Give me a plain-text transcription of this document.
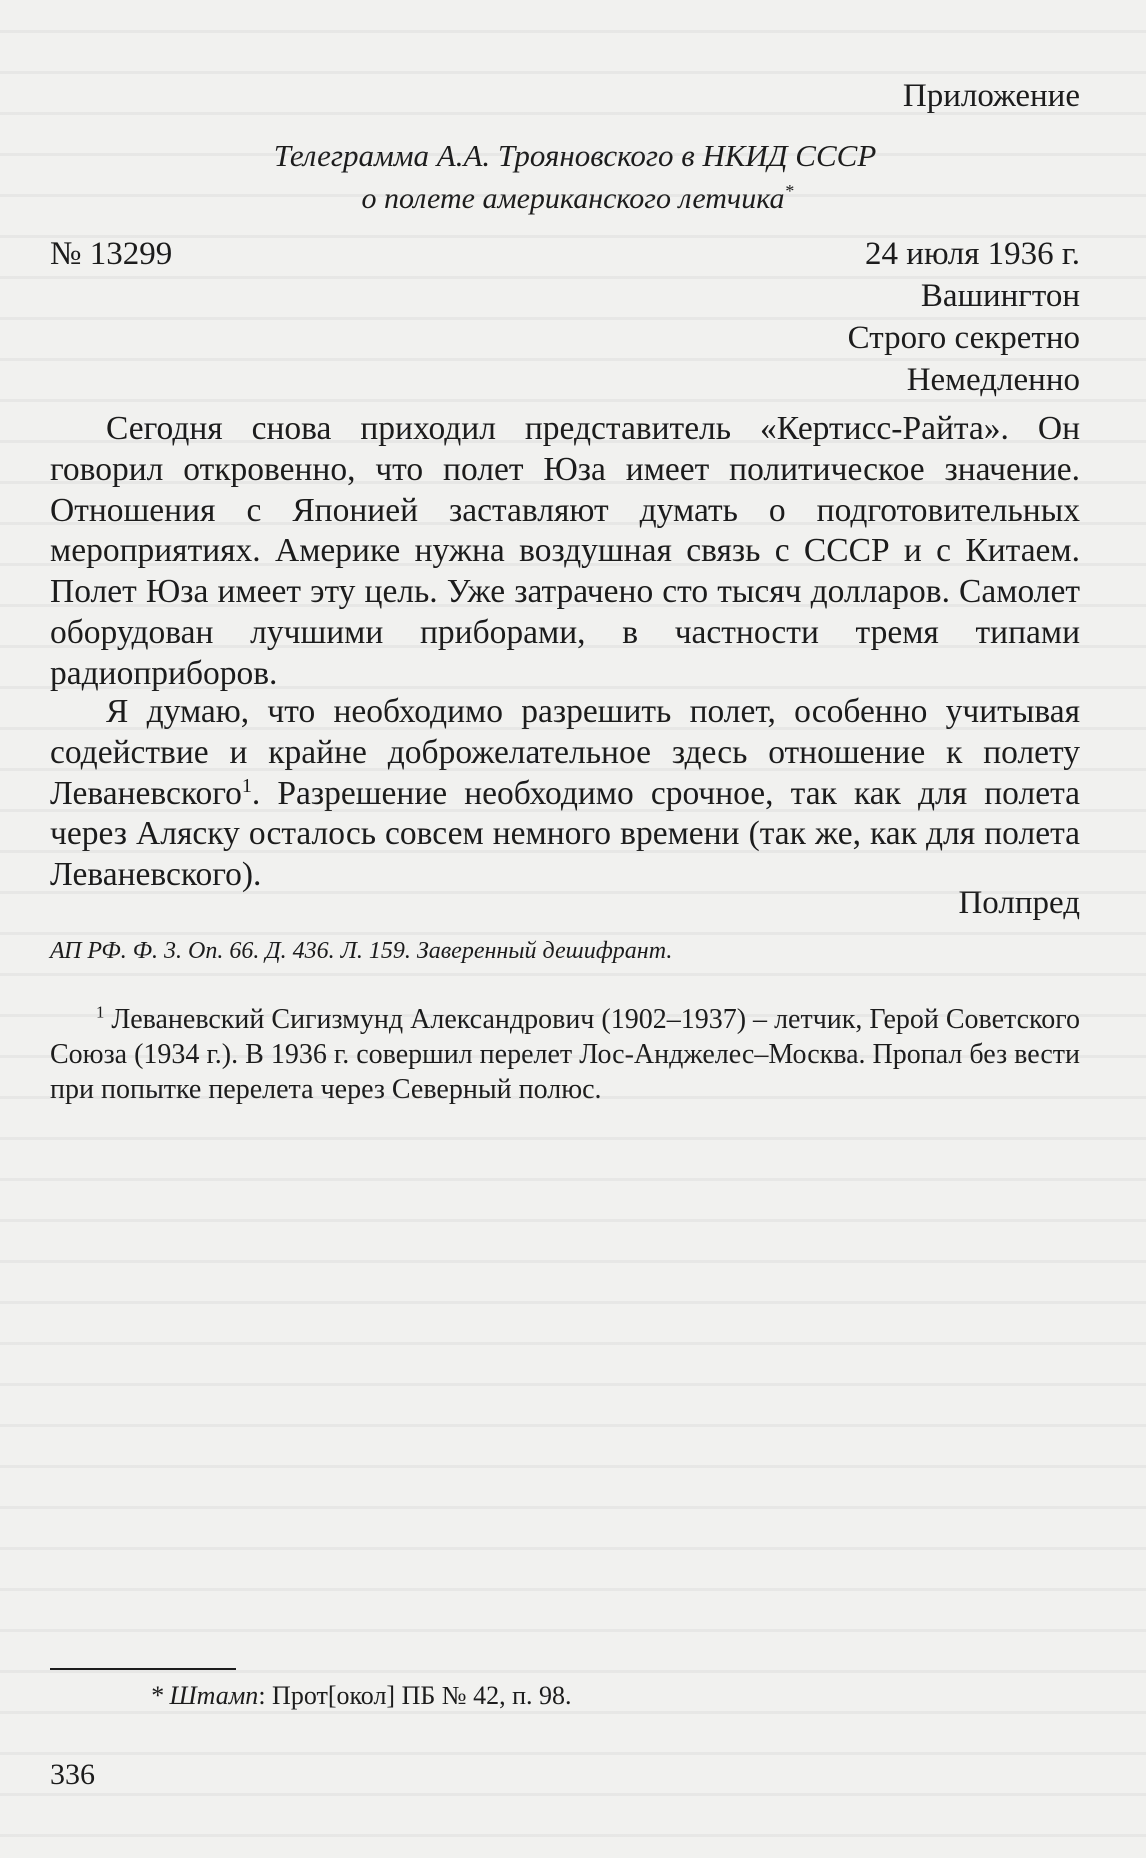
Приложение
Телеграмма А.А. Трояновского в НКИД СССР
о полете американского летчика*
№ 13299	24 июля 1936 г.
Вашингтон
Строго секретно
Немедленно

Сегодня снова приходил представитель «Кертисс-Райта». Он говорил откровенно, что полет Юза имеет политическое значение. Отношения с Японией заставляют думать о подготовительных мероприятиях. Америке нужна воздушная связь с СССР и с Китаем. Полет Юза имеет эту цель. Уже затрачено сто тысяч долларов. Самолет оборудован лучшими приборами, в частности тремя типами радиоприборов.

Я думаю, что необходимо разрешить полет, особенно учитывая содействие и крайне доброжелательное здесь отношение к полету Леваневского$^1$. Разрешение необходимо срочное, так как для полета через Аляску осталось совсем немного времени (так же, как для полета Леваневского).

Полпред
АП РФ. Ф. 3. Оп. 66. Д. 436. Л. 159. Заверенный дешифрант.

$^1$ Леваневский Сигизмунд Александрович (1902–1937) – летчик, Герой Советского Союза (1934 г.). В 1936 г. совершил перелет Лос-Анджелес–Москва. Пропал без вести при попытке перелета через Северный полюс.

* Штамп: Прот[окол] ПБ № 42, п. 98.
336
